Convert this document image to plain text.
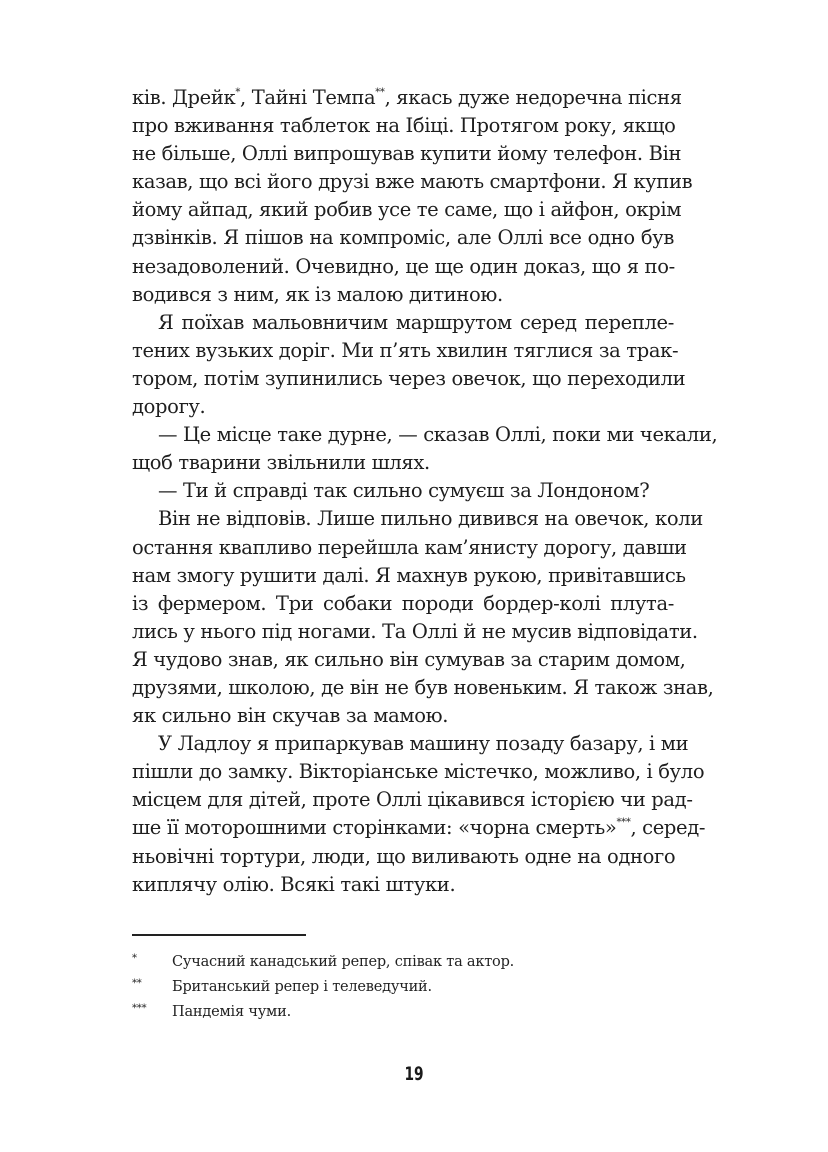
ків. Дрейк*, Тайні Темпа**, якась дуже недоречна пісня
про вживання таблеток на Ібіці. Протягом року, якщо
не більше, Оллі випрошував купити йому телефон. Він
казав, що всі його друзі вже мають смартфони. Я купив
йому айпад, який робив усе те саме, що і айфон, окрім
дзвінків. Я пішов на компроміс, але Оллі все одно був
незадоволений. Очевидно, це ще один доказ, що я по-
водився з ним, як із малою дитиною.
Я поїхав мальовничим маршрутом серед переплe-
тених вузьких доріг. Ми п’ять хвилин тяглися за трак-
тором, потім зупинились через овечок, що переходили
дорогу.
— Це місце таке дурне, — сказав Оллі, поки ми чекали,
щоб тварини звільнили шлях.
— Ти й справді так сильно сумуєш за Лондоном?
Він не відповів. Лише пильно дивився на овечок, коли
остання квапливо перейшла кам’янисту дорогу, давши
нам змогу рушити далі. Я махнув рукою, привітавшись
із фермером. Три собаки породи бордер-колі плута-
лись у нього під ногами. Та Оллі й не мусив відповідати.
Я чудово знав, як сильно він сумував за старим домом,
друзями, школою, де він не був новеньким. Я також знав,
як сильно він скучав за мамою.
У Ладлоу я припаркував машину позаду базару, і ми
пішли до замку. Вікторіанське містечко, можливо, і було
місцем для дітей, проте Оллі цікавився історією чи рад-
ше її моторошними сторінками: «чорна смерть»***, серед-
ньовічні тортури, люди, що виливають одне на одного
киплячу олію. Всякі такі штуки.
*	Сучасний канадський репер, співак та актор.
**	Британський репер і телеведучий.
***	Пандемія чуми.
19
